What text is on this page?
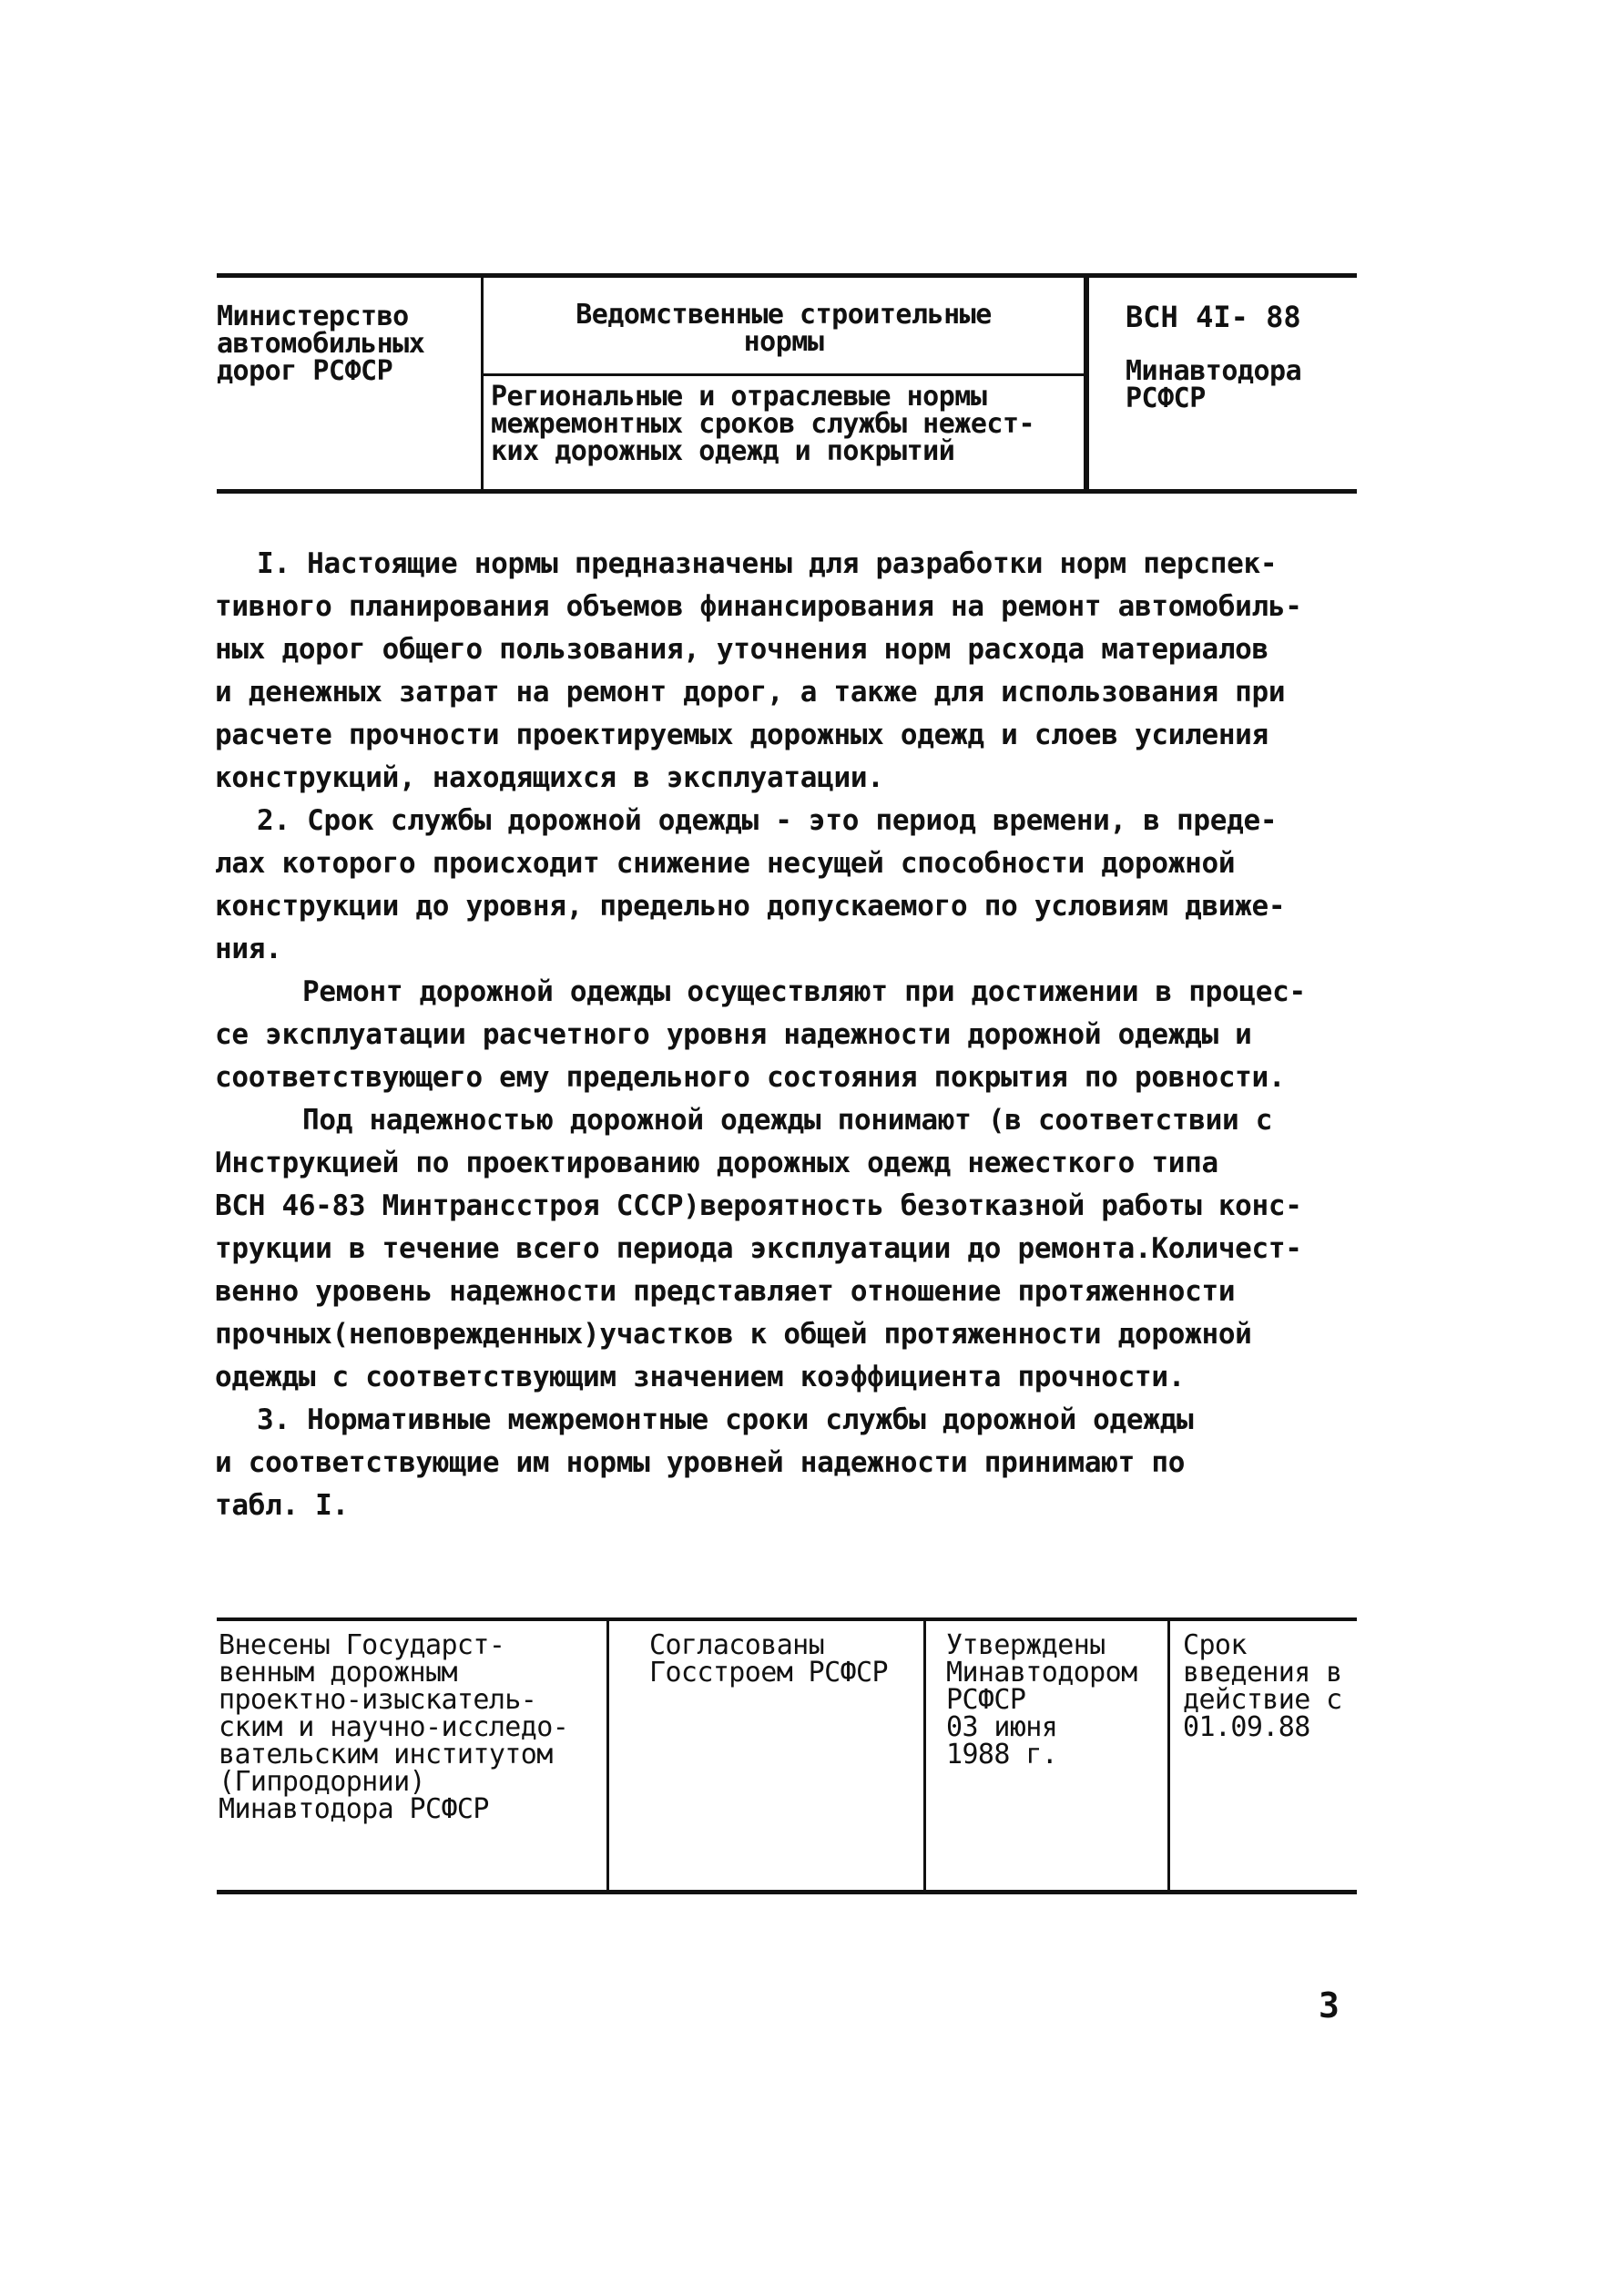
Министерство
автомобильных
дорог РСФСР
Ведомственные строительные
нормы
Региональные и отраслевые нормы
межремонтных сроков службы нежест-
ких дорожных одежд и покрытий
ВСН 4I- 88
Минавтодора
РСФСР

I. Настоящие нормы предназначены для разработки норм перспек-
тивного планирования объемов финансирования на ремонт автомобиль-
ных дорог общего пользования, уточнения норм расхода материалов
и денежных затрат на ремонт дорог, а также для использования при
расчете прочности проектируемых дорожных одежд и слоев усиления
конструкций, находящихся в эксплуатации.

2. Срок службы дорожной одежды - это период времени, в преде-
лах которого происходит снижение несущей способности дорожной
конструкции до уровня, предельно допускаемого по условиям движе-
ния.

Ремонт дорожной одежды осуществляют при достижении в процес-
се эксплуатации расчетного уровня надежности дорожной одежды и
соответствующего ему предельного состояния покрытия по ровности.

Под надежностью дорожной одежды понимают (в соответствии с
Инструкцией по проектированию дорожных одежд нежесткого типа
ВСН 46-83 Минтрансстроя СССР)вероятность безотказной работы конс-
трукции в течение всего периода эксплуатации до ремонта.Количест-
венно уровень надежности представляет отношение протяженности
прочных(неповрежденных)участков к общей протяженности дорожной
одежды с соответствующим значением коэффициента прочности.

3. Нормативные межремонтные сроки службы дорожной одежды
и соответствующие им нормы уровней надежности принимают по
табл. I.

Внесены Государст-
венным дорожным
проектно-изыскатель-
ским и научно-исследо-
вательским институтом
(Гипродорнии)
Минавтодора РСФСР
Согласованы
Госстроем РСФСР
Утверждены
Минавтодором
РСФСР
03 июня
1988 г.
Срок
введения в
действие с
01.09.88
3
